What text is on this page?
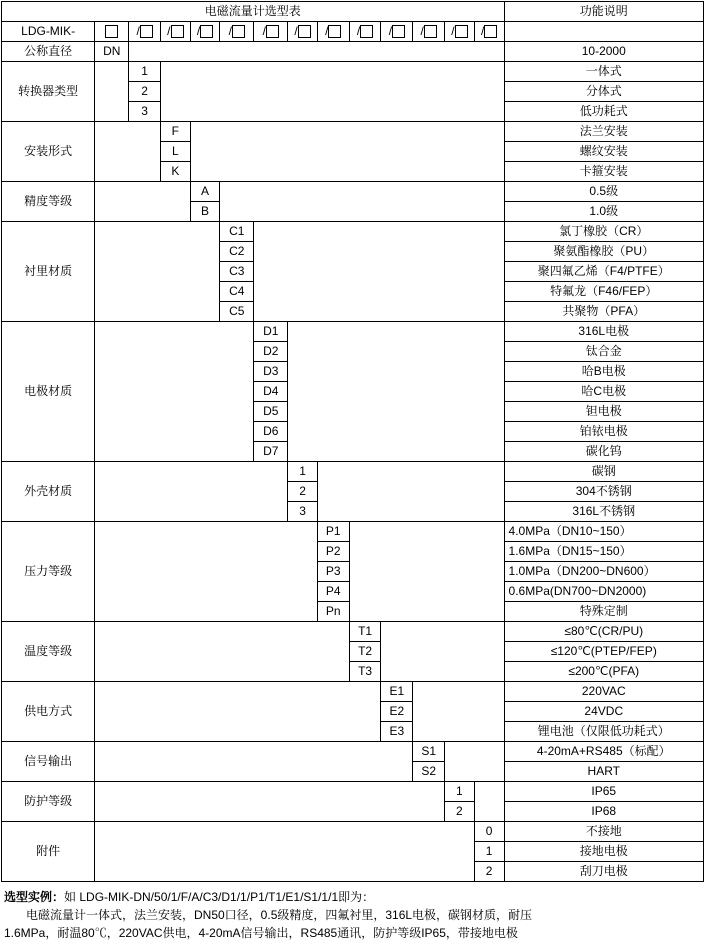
电磁流量计选型表														功能说明
LDG-MIK-		/	/	/	/	/	/	/	/	/	/	/	/	
公称直径	DN													10-2000
转换器类型		1												一体式
		2												分体式
		3												低功耗式
安装形式			F											法兰安装
			L											螺纹安装
			K											卡箍安装
精度等级				A										0.5级
				B										1.0级
衬里材质					C1									氯丁橡胶（CR）
					C2									聚氨酯橡胶（PU）
					C3									聚四氟乙烯（F4/PTFE）
					C4									特氟龙（F46/FEP）
					C5									共聚物（PFA）
电极材质						D1								316L电极
						D2								钛合金
						D3								哈B电极
						D4								哈C电极
						D5								钽电极
						D6								铂铱电极
						D7								碳化钨
外壳材质							1							碳钢
							2							304不锈钢
							3							316L不锈钢
压力等级								P1						4.0MPa（DN10~150）
								P2						1.6MPa（DN15~150）
								P3						1.0MPa（DN200~DN600）
								P4						0.6MPa(DN700~DN2000)
								Pn						特殊定制
温度等级									T1					≤80℃(CR/PU)
									T2					≤120℃(PTEP/FEP)
									T3					≤200℃(PFA)
供电方式										E1				220VAC
										E2				24VDC
										E3				锂电池（仅限低功耗式）
信号输出											S1			4-20mA+RS485（标配）
											S2			HART
防护等级												1		IP65
												2		IP68
附件													0	不接地
													1	接地电极
													2	刮刀电极

选型实例：如 LDG-MIK-DN/50/1/F/A/C3/D1/1/P1/T1/E1/S1/1/1即为：

电磁流量计一体式，法兰安装，DN50口径，0.5级精度，四氟衬里，316L电极，碳钢材质，耐压

1.6MPa，耐温80℃，220VAC供电，4-20mA信号输出，RS485通讯，防护等级IP65，带接地电极
